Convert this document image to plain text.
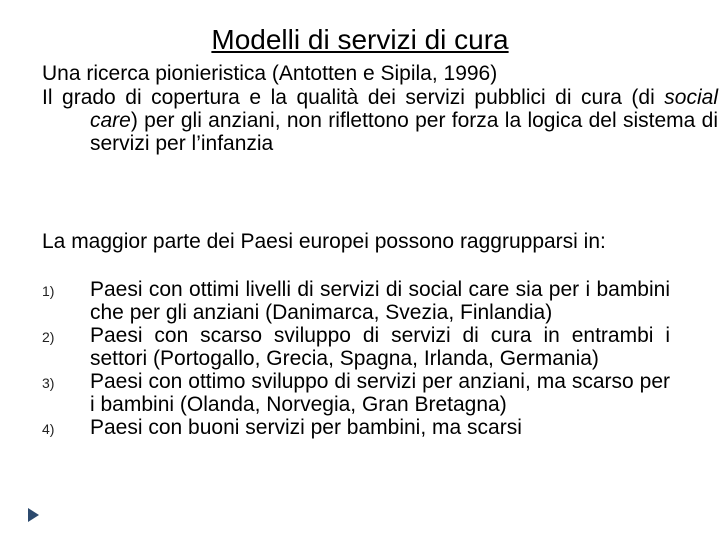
Modelli di servizi di cura
Una ricerca pionieristica (Antotten e Sipila, 1996)
Il grado di copertura e la qualità dei servizi pubblici di cura (di social care) per gli anziani, non riflettono per forza la logica del sistema di servizi per l’infanzia
La maggior parte dei Paesi europei possono raggrupparsi in:
1) Paesi con ottimi livelli di servizi di social care sia per i bambini che per gli anziani (Danimarca, Svezia, Finlandia)
2) Paesi con scarso sviluppo di servizi di cura in entrambi i settori (Portogallo, Grecia, Spagna, Irlanda, Germania)
3) Paesi con ottimo sviluppo di servizi per anziani, ma scarso per i bambini (Olanda, Norvegia, Gran Bretagna)
4) Paesi con buoni servizi per bambini, ma scarsi
